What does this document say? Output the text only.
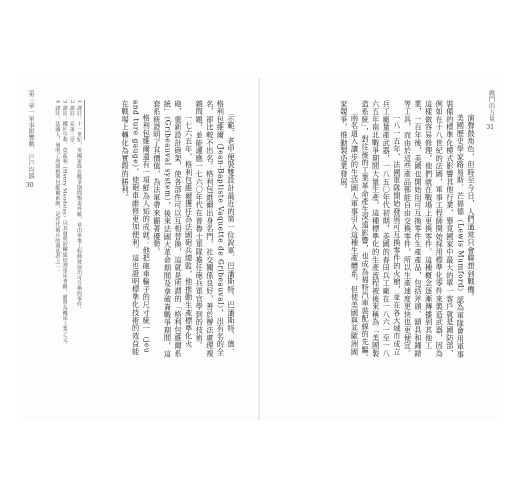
第三章｜軍事影響戰．戶戶均勝
30	1 譯註：十一世紀，英國軍隊在戰爭期間擊退外敵，並由軍事工程師發展出可互換的零件。

2 譯註：見第三章。

3 譯註：鐵匠亨利．莫茲利（Henry Maudslay）以其發明的螺旋切割車床著稱，被譽為機床工業之父。

4 譯註：法國人，發明了所謂格利包維爾系統，是近代砲兵的奠基者之一。	示範．老甲便裝雙設計最近的第一位說軍．巴潘斯特．巴潘斯特．德．格利包維爾（Jean-Baptiste Vaquette de Gribeauval），出有名的全名，卻比較不出名。格利包維爾出身名門，社交關係良好，善於辦法處理複雜問題，並能適應一七六〇年代在普魯士軍隊擔任砲兵軍官學到的技術。

一七六五年，格利包維爾獲任為法國砲兵總監，他推動生產標準化火砲，重新設計砲架，使各部件可以互相替換，這就是所謂的「格利包維爾系統」（Gribeauval system），後來法國大革命期間及拿破崙戰爭期間，這套系統證明了其價值，為法軍帶來顯著優勢。

格利包維爾還有一項鮮為人知的成就：他把砲車輪子的尺寸統一（jeu and ture gauge），使砲車維修更加便利。這也證明標準化技術的效益能在戰場上轉化為實際的勝利。	戰鬥的力量
31

演聲鼓角色，但時至今日，人們通常只會聯想到戰機。

美國歷史學家路易斯．芒福德（Lewis Mumford）認為軍隊會用軍事裝備的標準化模式影響其他行業，畢竟國家中最大的單一客戶就是國防部，例如在十八世紀的法國，軍事工程師開始採用標準化零件來製造武器，因為這樣做容易修理，他們就在戰場上更換零件。這種概念逐漸傳播到其他工業，一百年後，美國也開始用可互換零件生產產品，包括斧頭、鎖具和鐘錶等工具，而由於這些產品都能自由交換零件，所以生產速度更快也更便宜。

一八一五年，法國軍隊開始發展可互換零件的火槍，並在各大城市成立兵工廠量產武器，一八五〇年代初期，美國的春田兵工廠在一八六一至一八六五年南北戰爭期間大量生產，這種標準化的生產流程被後來稱為「美國製造系統」，對往後的工業革命產生深遠影響，也成為福特汽車裝配線的先驅。

兩名道入讓步的生活國人軍事引入這種生產體系，但使美國與其歐洲國家競爭，推動製造業發展。
